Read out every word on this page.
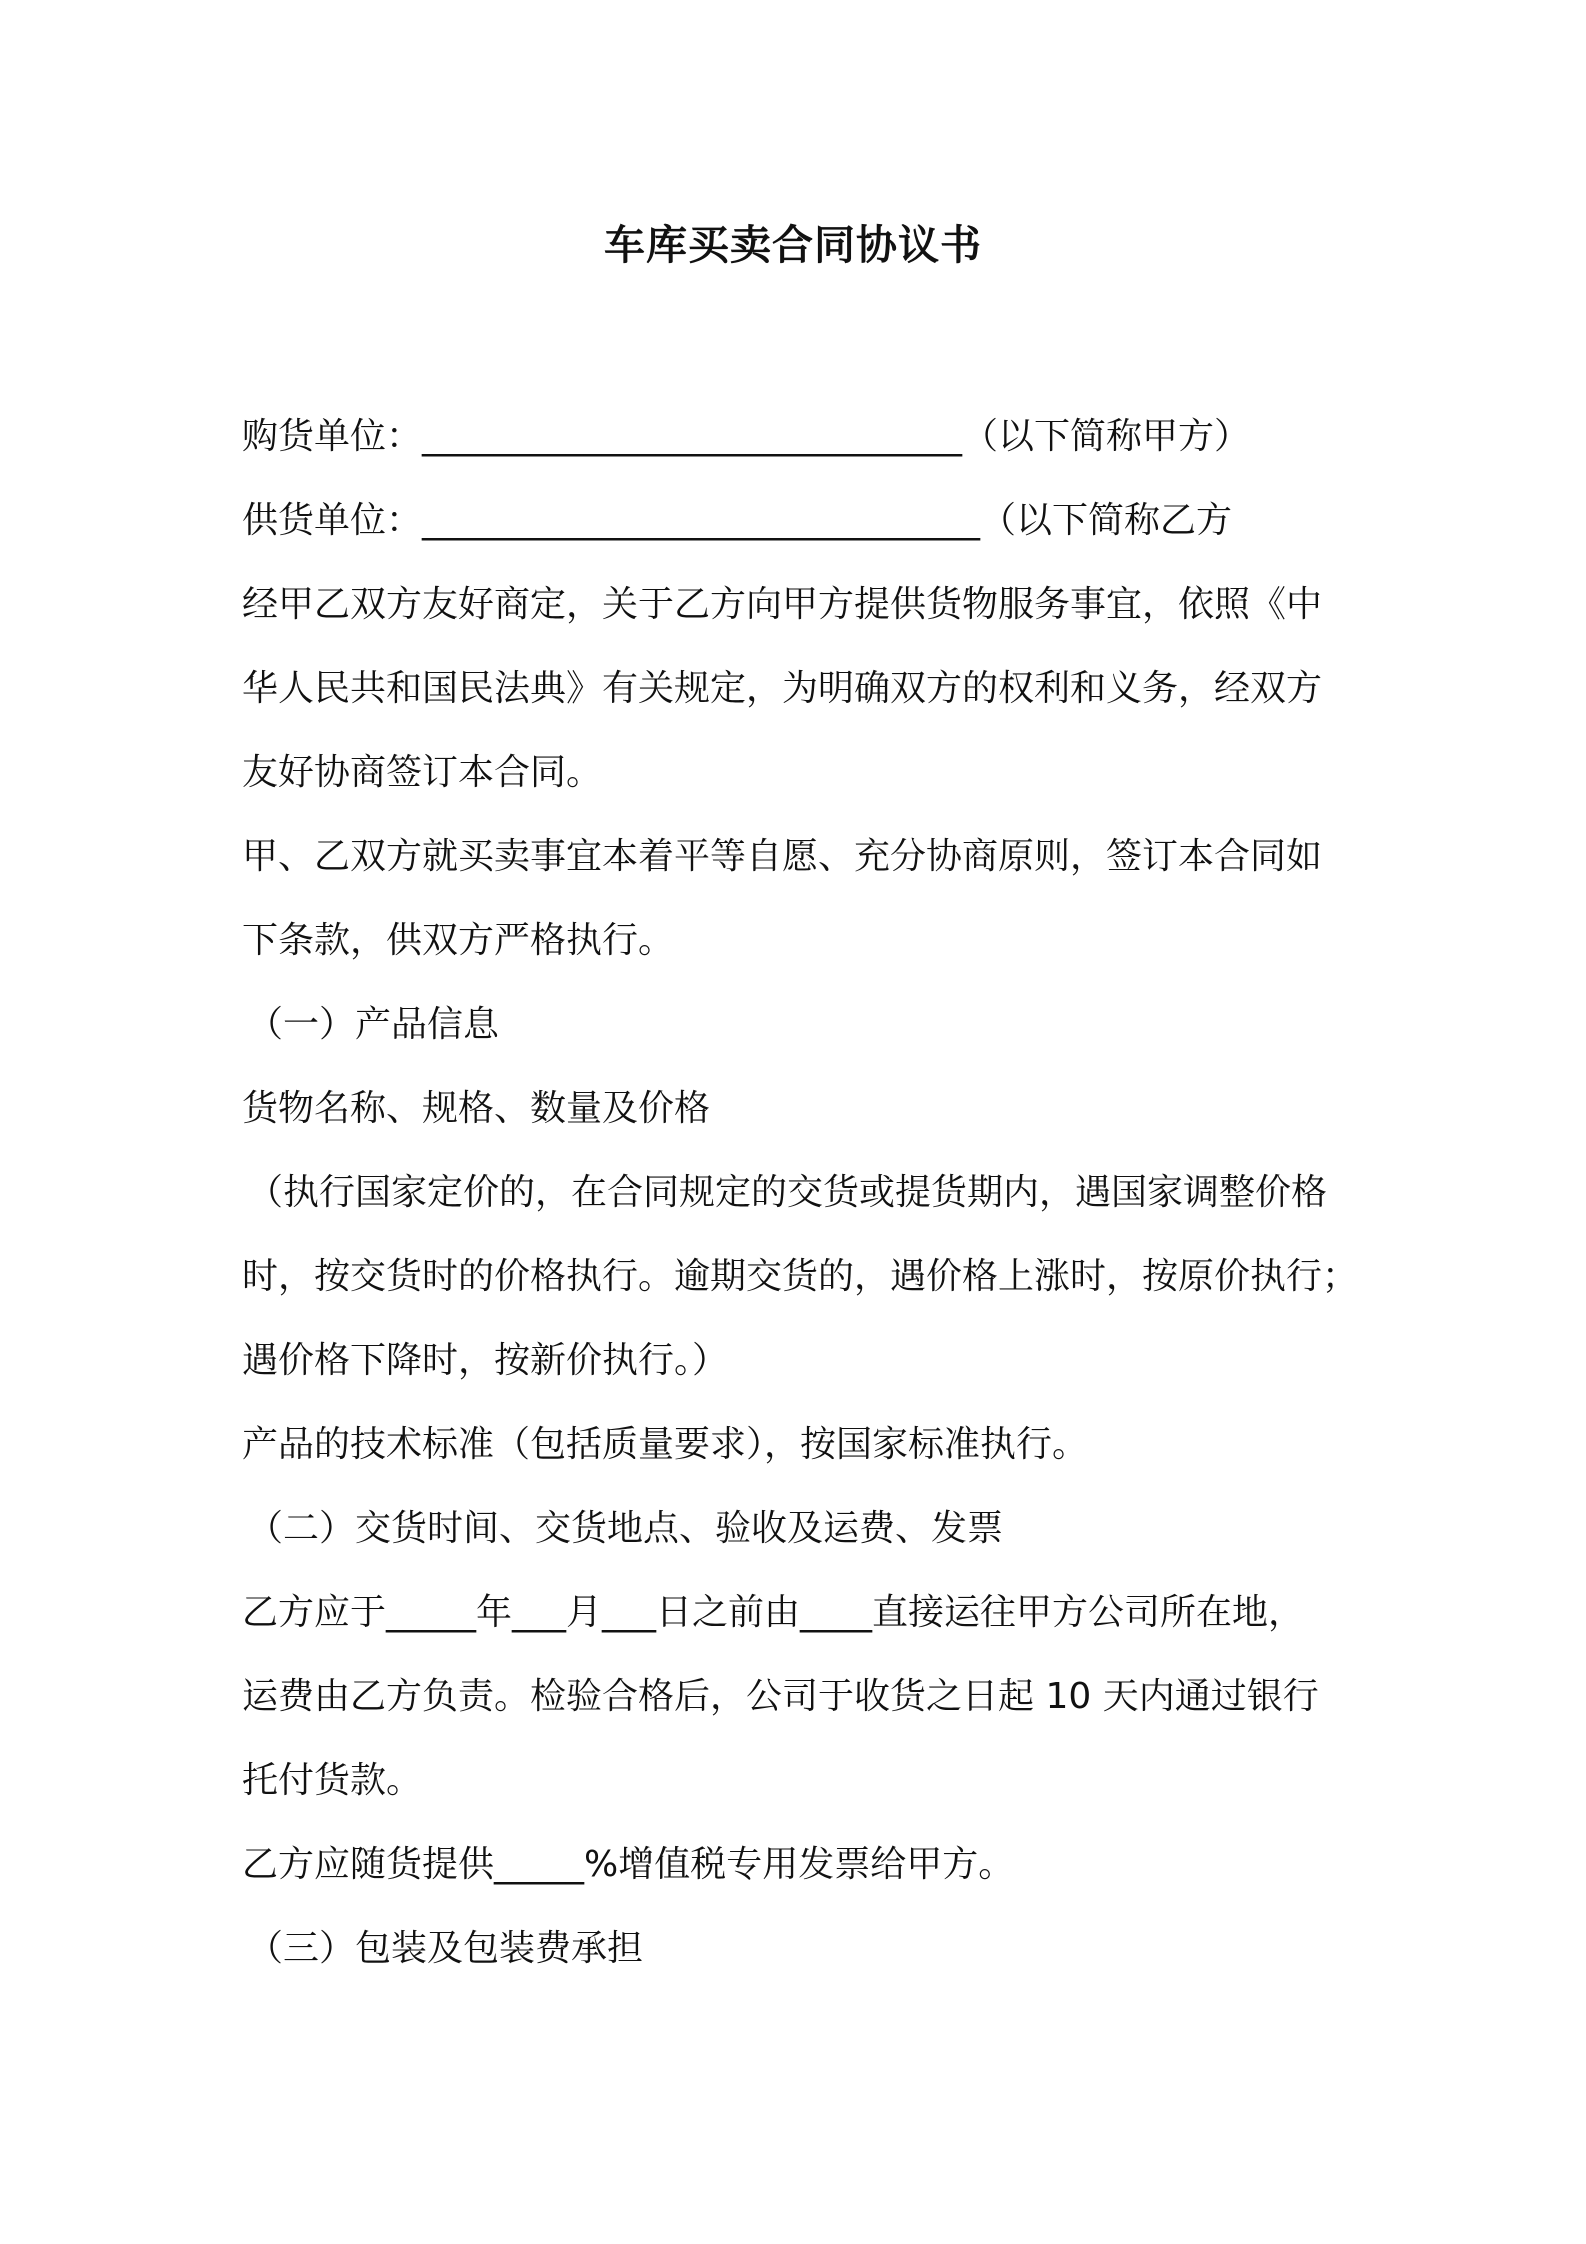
车库买卖合同协议书
购货单位：______________________________（以下简称甲方）
供货单位：_______________________________（以下简称乙方
经甲乙双方友好商定，关于乙方向甲方提供货物服务事宜，依照《中
华人民共和国民法典》有关规定，为明确双方的权利和义务，经双方
友好协商签订本合同。
甲、乙双方就买卖事宜本着平等自愿、充分协商原则，签订本合同如
下条款，供双方严格执行。
（一）产品信息
货物名称、规格、数量及价格
（执行国家定价的，在合同规定的交货或提货期内，遇国家调整价格
时，按交货时的价格执行。逾期交货的，遇价格上涨时，按原价执行；
遇价格下降时，按新价执行。）
产品的技术标准（包括质量要求），按国家标准执行。
（二）交货时间、交货地点、验收及运费、发票
乙方应于_____年___月___日之前由____直接运往甲方公司所在地，
运费由乙方负责。检验合格后，公司于收货之日起 10 天内通过银行
托付货款。
乙方应随货提供_____%增值税专用发票给甲方。
（三）包装及包装费承担
